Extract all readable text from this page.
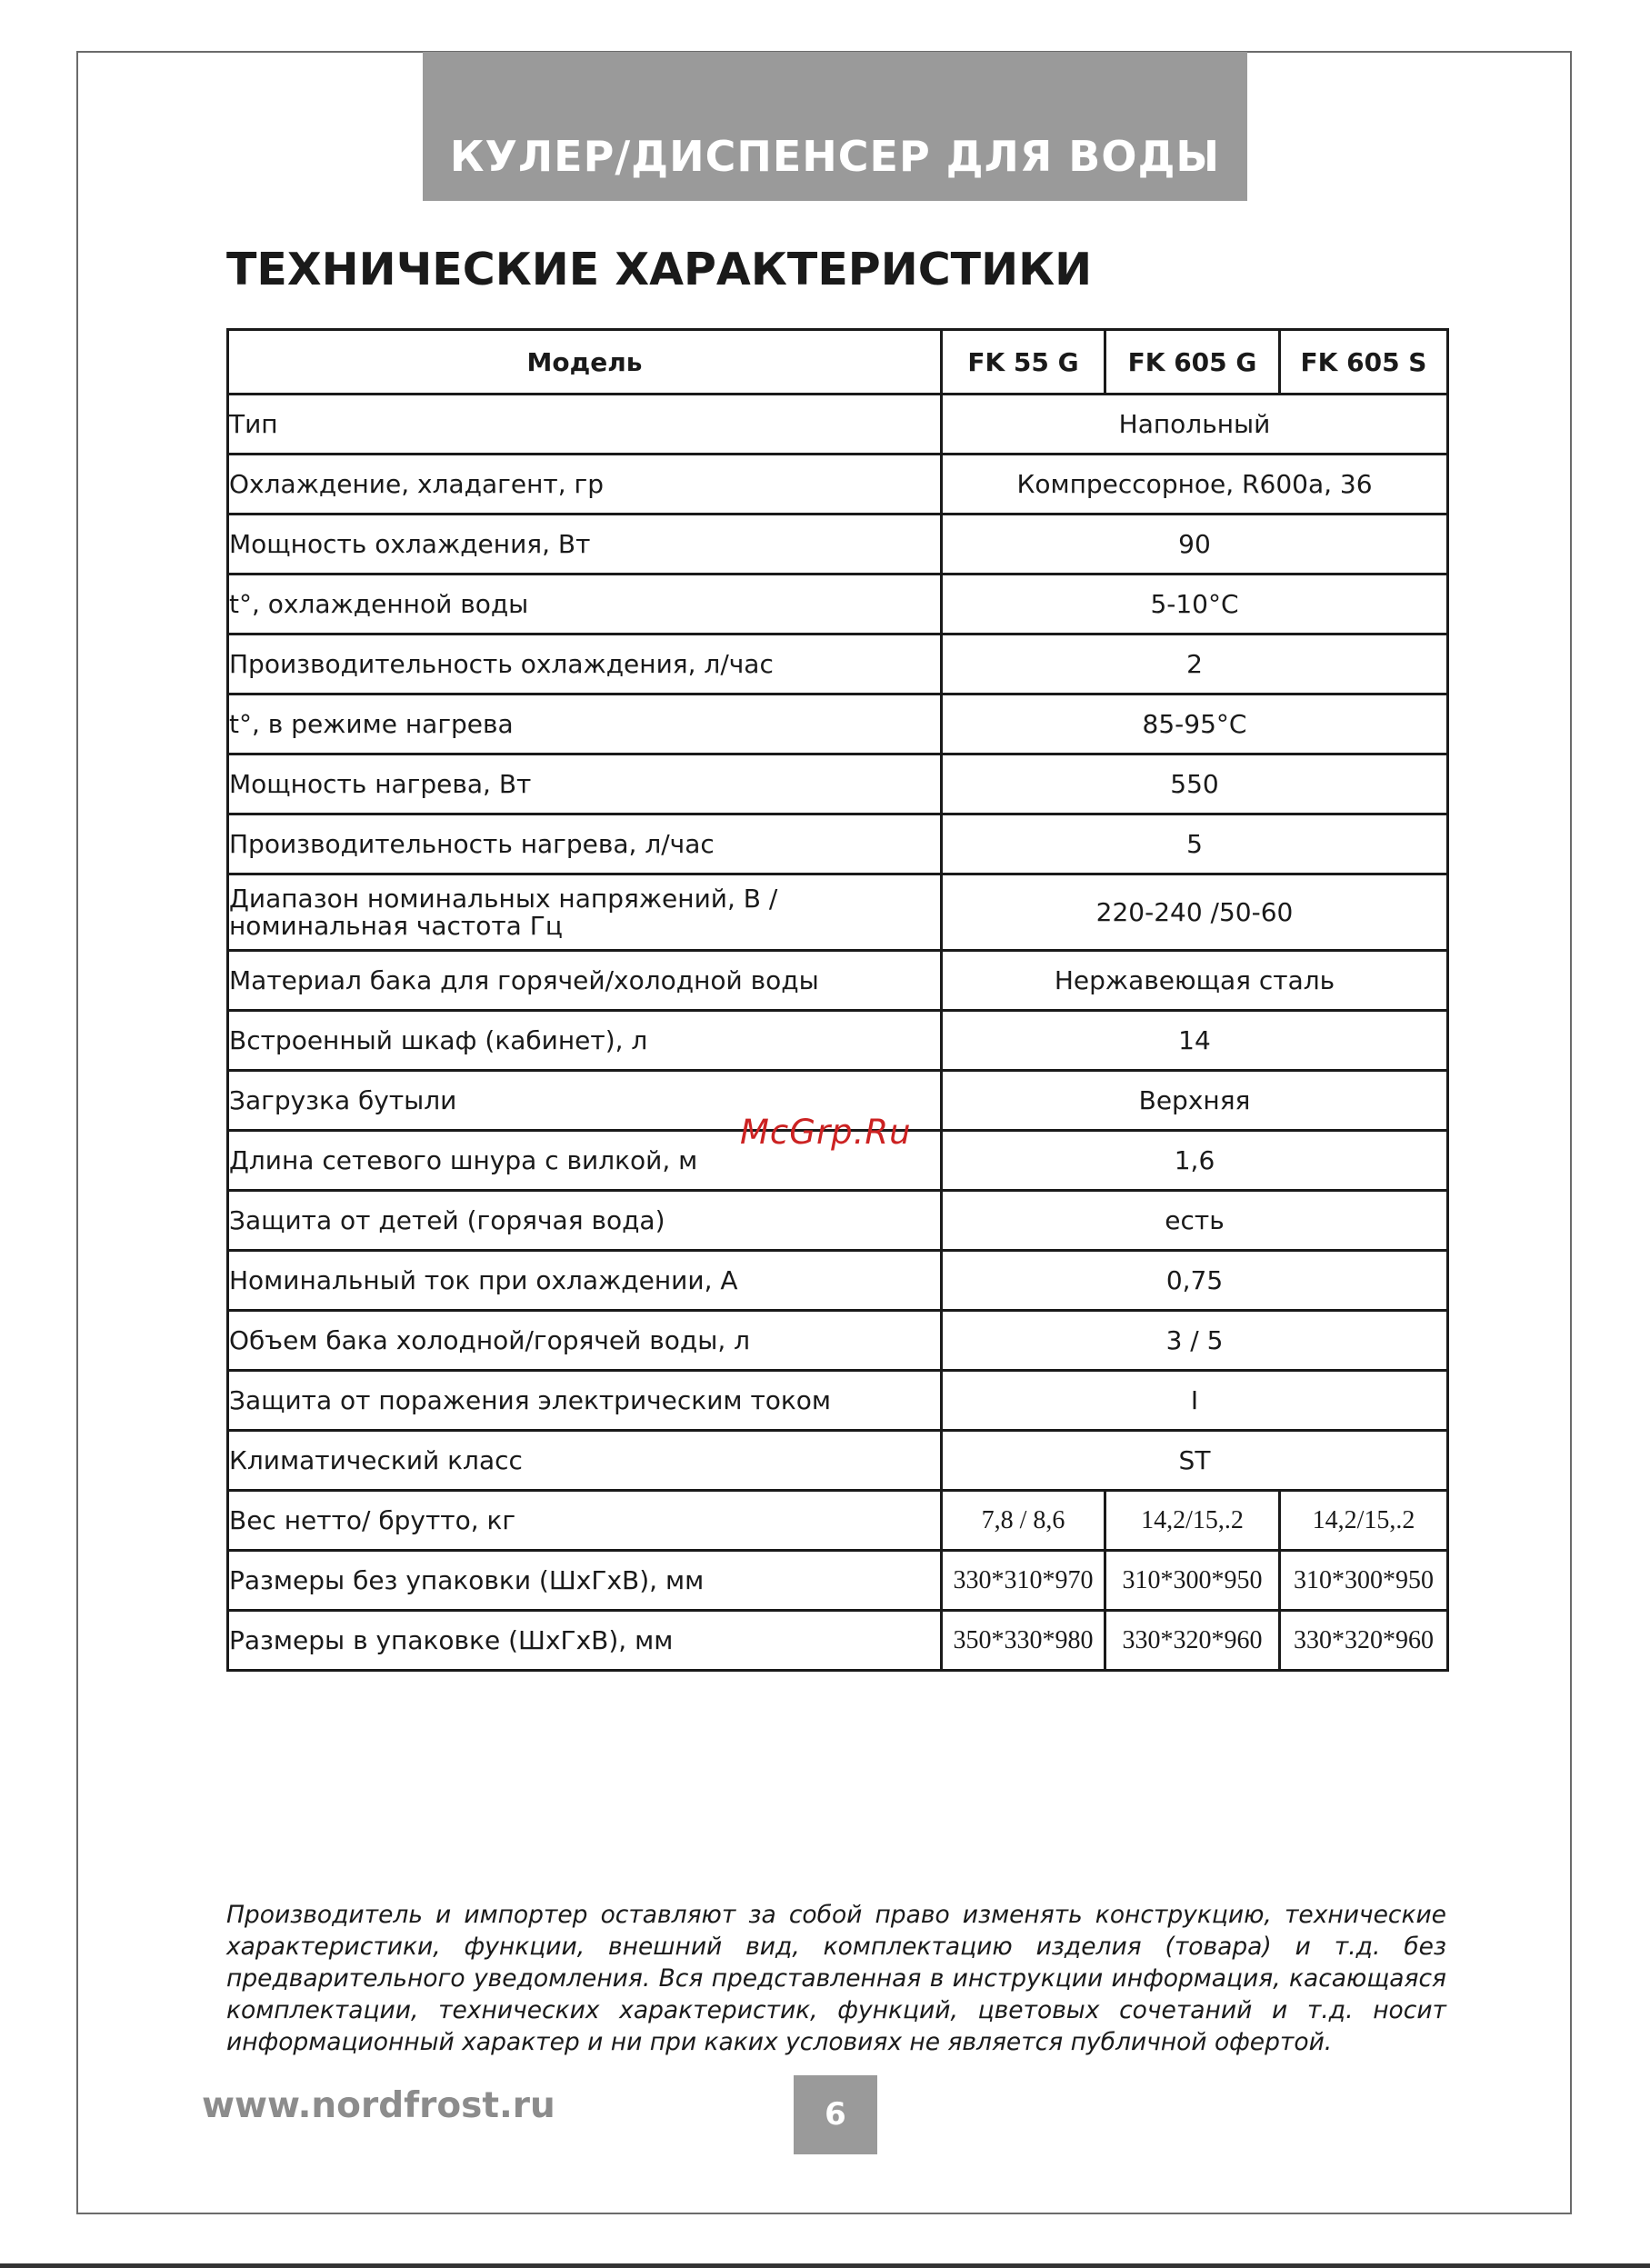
КУЛЕР/ДИСПЕНСЕР ДЛЯ ВОДЫ
ТЕХНИЧЕСКИЕ ХАРАКТЕРИСТИКИ
Модель	FK 55 G	FK 605 G	FK 605 S
Тип	Напольный		
Охлаждение, хладагент, гр	Компрессорное, R600a, 36		
Мощность охлаждения, Вт	90		
t°, охлажденной воды	5-10°С		
Производительность охлаждения, л/час	2		
t°, в режиме нагрева	85-95°С		
Мощность нагрева, Вт	550		
Производительность нагрева, л/час	5		

Диапазон номинальных напряжений, В /
номинальная частота Гц	220-240 /50-60		
Материал бака для горячей/холодной воды	Нержавеющая сталь		
Встроенный шкаф (кабинет), л	14		
Загрузка бутыли	Верхняя		
Длина сетевого шнура с вилкой, м	1,6		
Защита от детей (горячая вода)	есть		
Номинальный ток при охлаждении, А	0,75		
Объем бака холодной/горячей воды, л	3 / 5		
Защита от поражения электрическим током	I		
Климатический класс	ST		
Вес нетто/ брутто, кг	7,8 / 8,6	14,2/15,.2	14,2/15,.2
Размеры без упаковки (ШхГхВ), мм	330*310*970	310*300*950	310*300*950
Размеры в упаковке (ШхГхВ), мм	350*330*980	330*320*960	330*320*960
McGrp.Ru
Производитель и импортер оставляют за собой право изменять конструкцию, технические характеристики, функции, внешний вид, комплектацию изделия (товара) и т.д. без предварительного уведомления. Вся представленная в инструкции информация, касающаяся комплектации, технических характеристик, функций, цветовых сочетаний и т.д. носит информационный характер и ни при каких условиях не является публичной офертой.
www.nordfrost.ru	6
